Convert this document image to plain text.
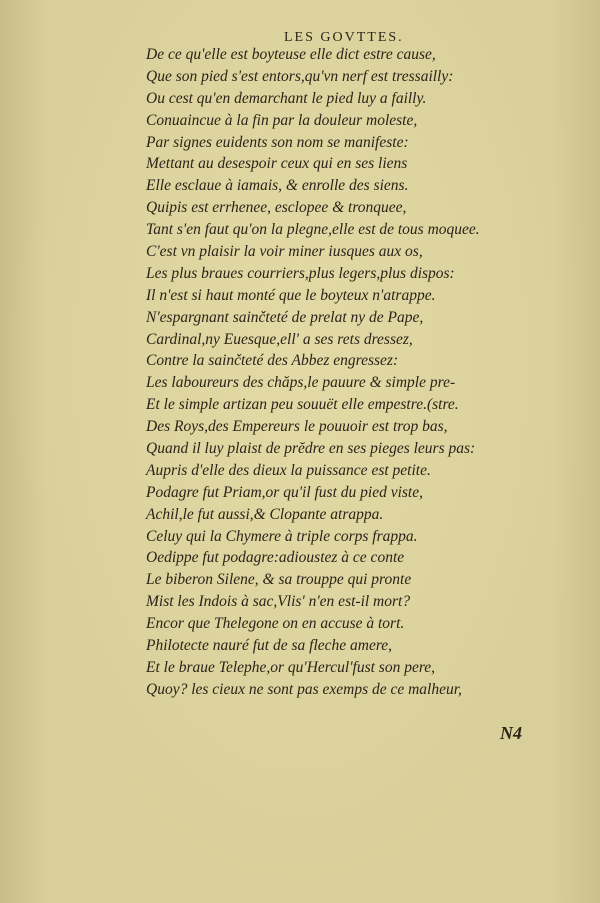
LES GOVTTES.
De ce qu'elle est boyteuse elle dict estre cause,
Que son pied s'est entors,qu'vn nerf est tressailly:
Ou cest qu'en demarchant le pied luy a failly.
Conuaincue à la fin par la douleur moleste,
Par signes euidents son nom se manifeste:
Mettant au desespoir ceux qui en ses liens
Elle esclaue à iamais, & enrolle des siens.
Quipis est errhenee, esclopee & tronquee,
Tant s'en faut qu'on la plegne,elle est de tous moquee.
C'est vn plaisir la voir miner iusques aux os,
Les plus braues courriers,plus legers,plus dispos:
Il n'est si haut monté que le boyteux n'atrappe.
N'espargnant sainčteté de prelat ny de Pape,
Cardinal,ny Euesque,ell' a ses rets dressez,
Contre la sainčteté des Abbez engressez:
Les laboureurs des chăps,le pauure & simple pre-
Et le simple artizan peu souuët elle empestre.(stre.
Des Roys,des Empereurs le pouuoir est trop bas,
Quand il luy plaist de prĕdre en ses pieges leurs pas:
Aupris d'elle des dieux la puissance est petite.
Podagre fut Priam,or qu'il fust du pied viste,
Achil,le fut aussi,& Clopante atrappa.
Celuy qui la Chymere à triple corps frappa.
Oedippe fut podagre:adioustez à ce conte
Le biberon Silene, & sa trouppe qui pronte
Mist les Indois à sac,Vlis' n'en est-il mort?
Encor que Thelegone on en accuse à tort.
Philotecte nauré fut de sa fleche amere,
Et le braue Telephe,or qu'Hercul'fust son pere,
Quoy? les cieux ne sont pas exemps de ce malheur,
N4
